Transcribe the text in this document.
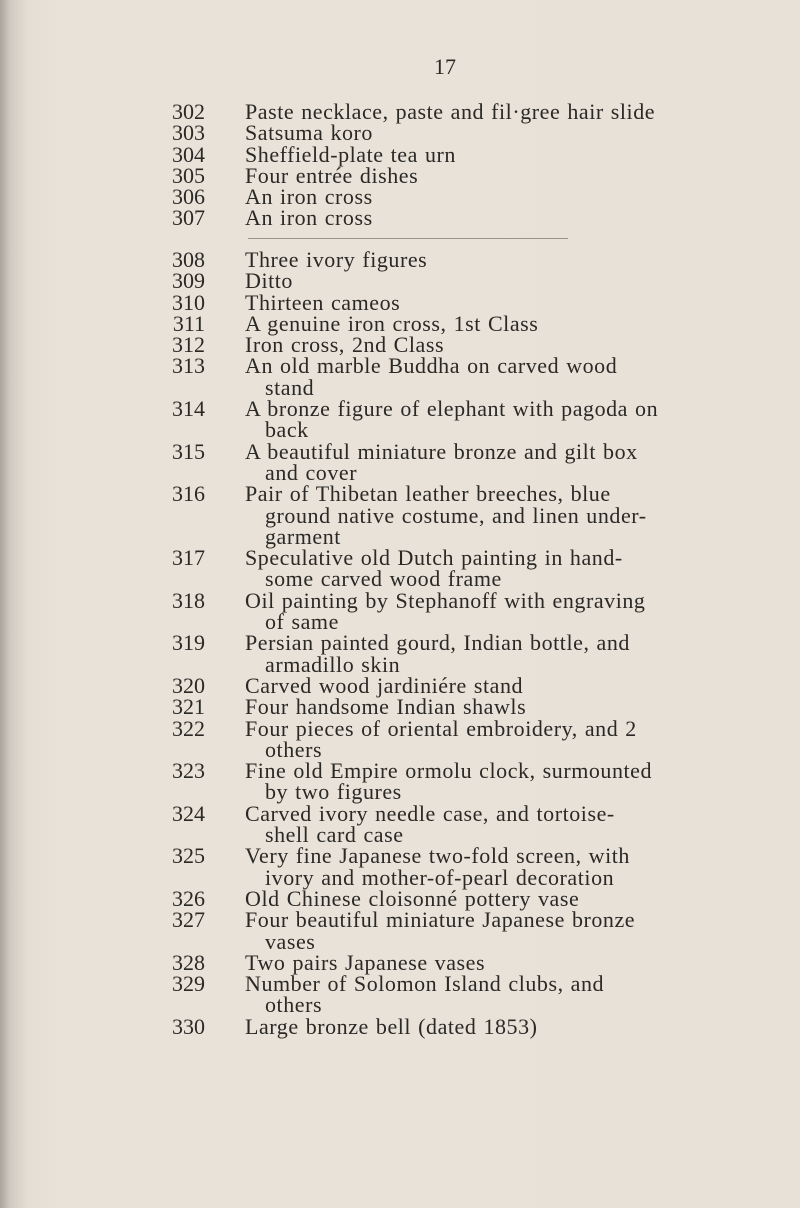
17
302 Paste necklace, paste and fil·gree hair slide
303 Satsuma koro
304 Sheffield-plate tea urn
305 Four entrée dishes
306 An iron cross
307 An iron cross
308 Three ivory figures
309 Ditto
310 Thirteen cameos
311 A genuine iron cross, 1st Class
312 Iron cross, 2nd Class
313 An old marble Buddha on carved wood
stand
314 A bronze figure of elephant with pagoda on
back
315 A beautiful miniature bronze and gilt box
and cover
316 Pair of Thibetan leather breeches, blue
ground native costume, and linen under-
garment
317 Speculative old Dutch painting in hand-
some carved wood frame
318 Oil painting by Stephanoff with engraving
of same
319 Persian painted gourd, Indian bottle, and
armadillo skin
320 Carved wood jardiniére stand
321 Four handsome Indian shawls
322 Four pieces of oriental embroidery, and 2
others
323 Fine old Empire ormolu clock, surmounted
by two figures
324 Carved ivory needle case, and tortoise-
shell card case
325 Very fine Japanese two-fold screen, with
ivory and mother-of-pearl decoration
326 Old Chinese cloisonné pottery vase
327 Four beautiful miniature Japanese bronze
vases
328 Two pairs Japanese vases
329 Number of Solomon Island clubs, and
others
330 Large bronze bell (dated 1853)
